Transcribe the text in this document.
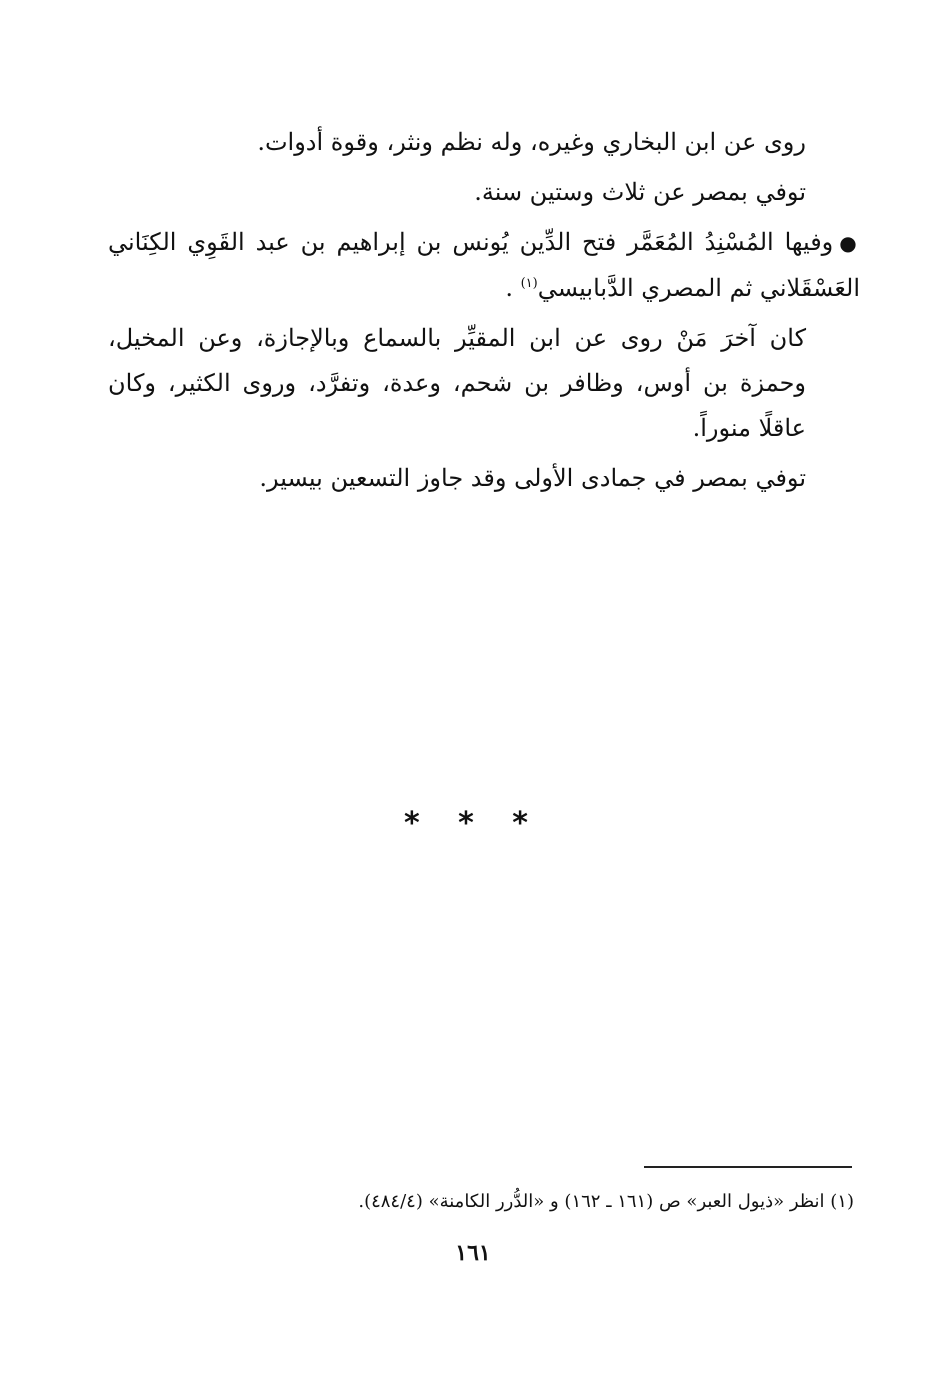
روى عن ابن البخاري وغيره، وله نظم ونثر، وقوة أدوات.

توفي بمصر عن ثلاث وستين سنة.

●وفيها المُسْنِدُ المُعَمَّر فتح الدِّين يُونس بن إبراهيم بن عبد القَوِي الكِنَاني العَسْقَلاني ثم المصري الدَّبابيسي$^{(١)}$ .

كان آخرَ مَنْ روى عن ابن المقيِّر بالسماع وبالإجازة، وعن المخيل، وحمزة بن أوس، وظافر بن شحم، وعدة، وتفرَّد، وروى الكثير، وكان عاقلًا منوراً.

توفي بمصر في جمادى الأولى وقد جاوز التسعين بيسير.

* * *
(١) انظر «ذيول العبر» ص (١٦١ ـ ١٦٢) و «الدُّرر الكامنة» (٤٨٤/٤).
١٦١
